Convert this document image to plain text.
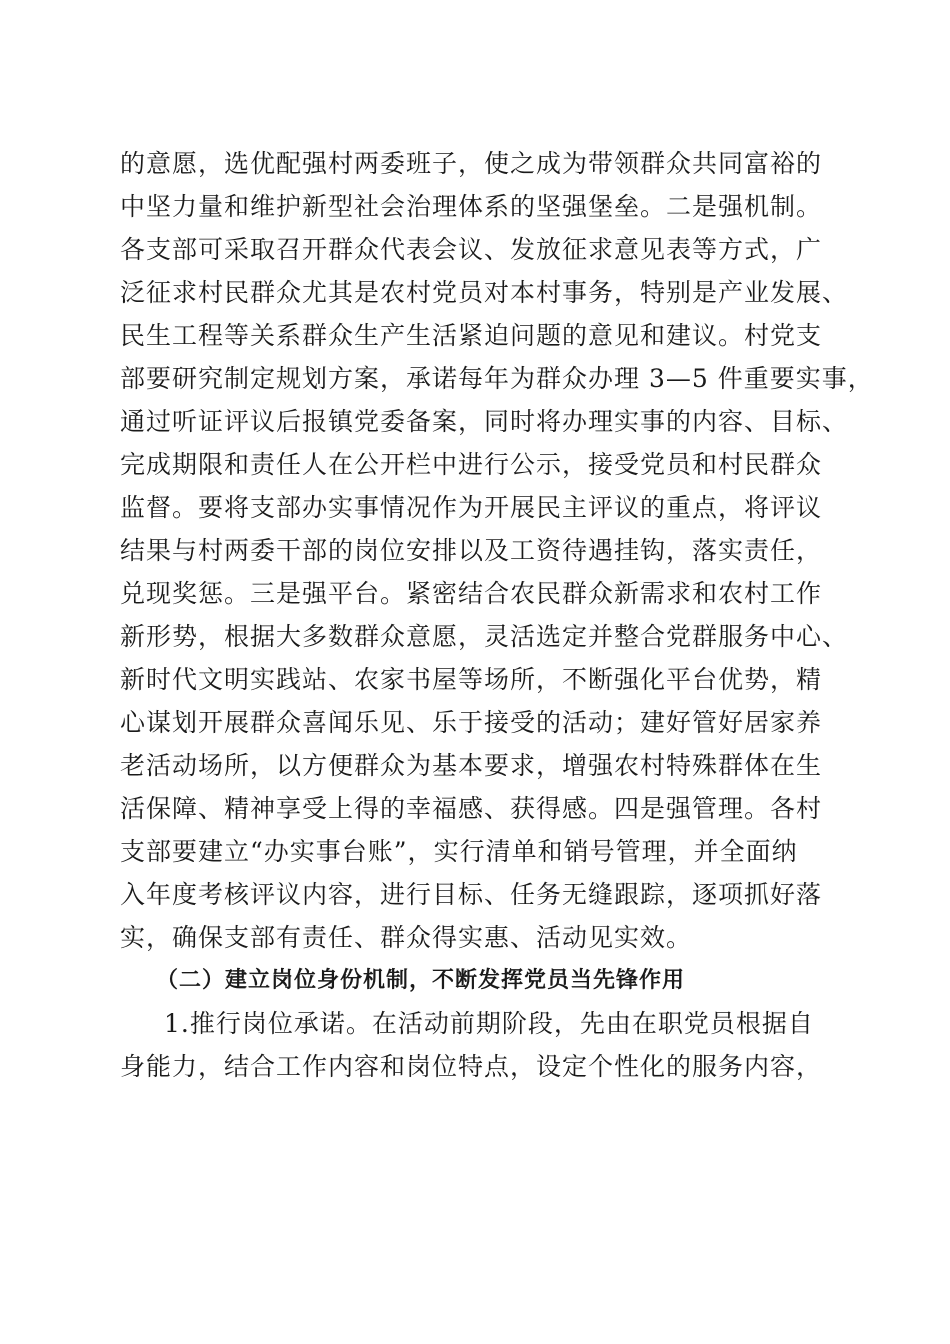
的意愿，选优配强村两委班子，使之成为带领群众共同富裕的
中坚力量和维护新型社会治理体系的坚强堡垒。二是强机制。
各支部可采取召开群众代表会议、发放征求意见表等方式，广
泛征求村民群众尤其是农村党员对本村事务，特别是产业发展、
民生工程等关系群众生产生活紧迫问题的意见和建议。村党支
部要研究制定规划方案，承诺每年为群众办理 3—5 件重要实事，
通过听证评议后报镇党委备案，同时将办理实事的内容、目标、
完成期限和责任人在公开栏中进行公示，接受党员和村民群众
监督。要将支部办实事情况作为开展民主评议的重点，将评议
结果与村两委干部的岗位安排以及工资待遇挂钩，落实责任，
兑现奖惩。三是强平台。紧密结合农民群众新需求和农村工作
新形势，根据大多数群众意愿，灵活选定并整合党群服务中心、
新时代文明实践站、农家书屋等场所，不断强化平台优势，精
心谋划开展群众喜闻乐见、乐于接受的活动；建好管好居家养
老活动场所，以方便群众为基本要求，增强农村特殊群体在生
活保障、精神享受上得的幸福感、获得感。四是强管理。各村
支部要建立“办实事台账”，实行清单和销号管理，并全面纳
入年度考核评议内容，进行目标、任务无缝跟踪，逐项抓好落
实，确保支部有责任、群众得实惠、活动见实效。
（二）建立岗位身份机制，不断发挥党员当先锋作用
1.推行岗位承诺。在活动前期阶段，先由在职党员根据自
身能力，结合工作内容和岗位特点，设定个性化的服务内容，
